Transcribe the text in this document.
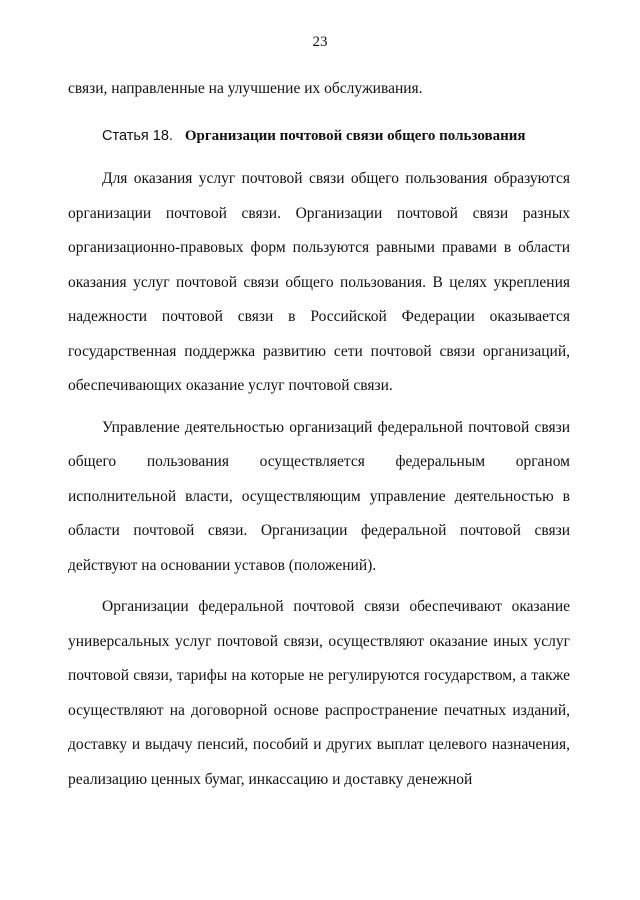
23

связи, направленные на улучшение их обслуживания.

Статья 18. Организации почтовой связи общего пользования

Для оказания услуг почтовой связи общего пользования образуются организации почтовой связи. Организации почтовой связи разных организационно-правовых форм пользуются равными правами в области оказания услуг почтовой связи общего пользования. В целях укрепления надежности почтовой связи в Российской Федерации оказывается государственная поддержка развитию сети почтовой связи организаций, обеспечивающих оказание услуг почтовой связи.

Управление деятельностью организаций федеральной почтовой связи общего пользования осуществляется федеральным органом исполнительной власти, осуществляющим управление деятельностью в области почтовой связи. Организации федеральной почтовой связи действуют на основании уставов (положений).

Организации федеральной почтовой связи обеспечивают оказание универсальных услуг почтовой связи, осуществляют оказание иных услуг почтовой связи, тарифы на которые не регулируются государством, а также осуществляют на договорной основе распространение печатных изданий, доставку и выдачу пенсий, пособий и других выплат целевого назначения, реализацию ценных бумаг, инкассацию и доставку денежной
